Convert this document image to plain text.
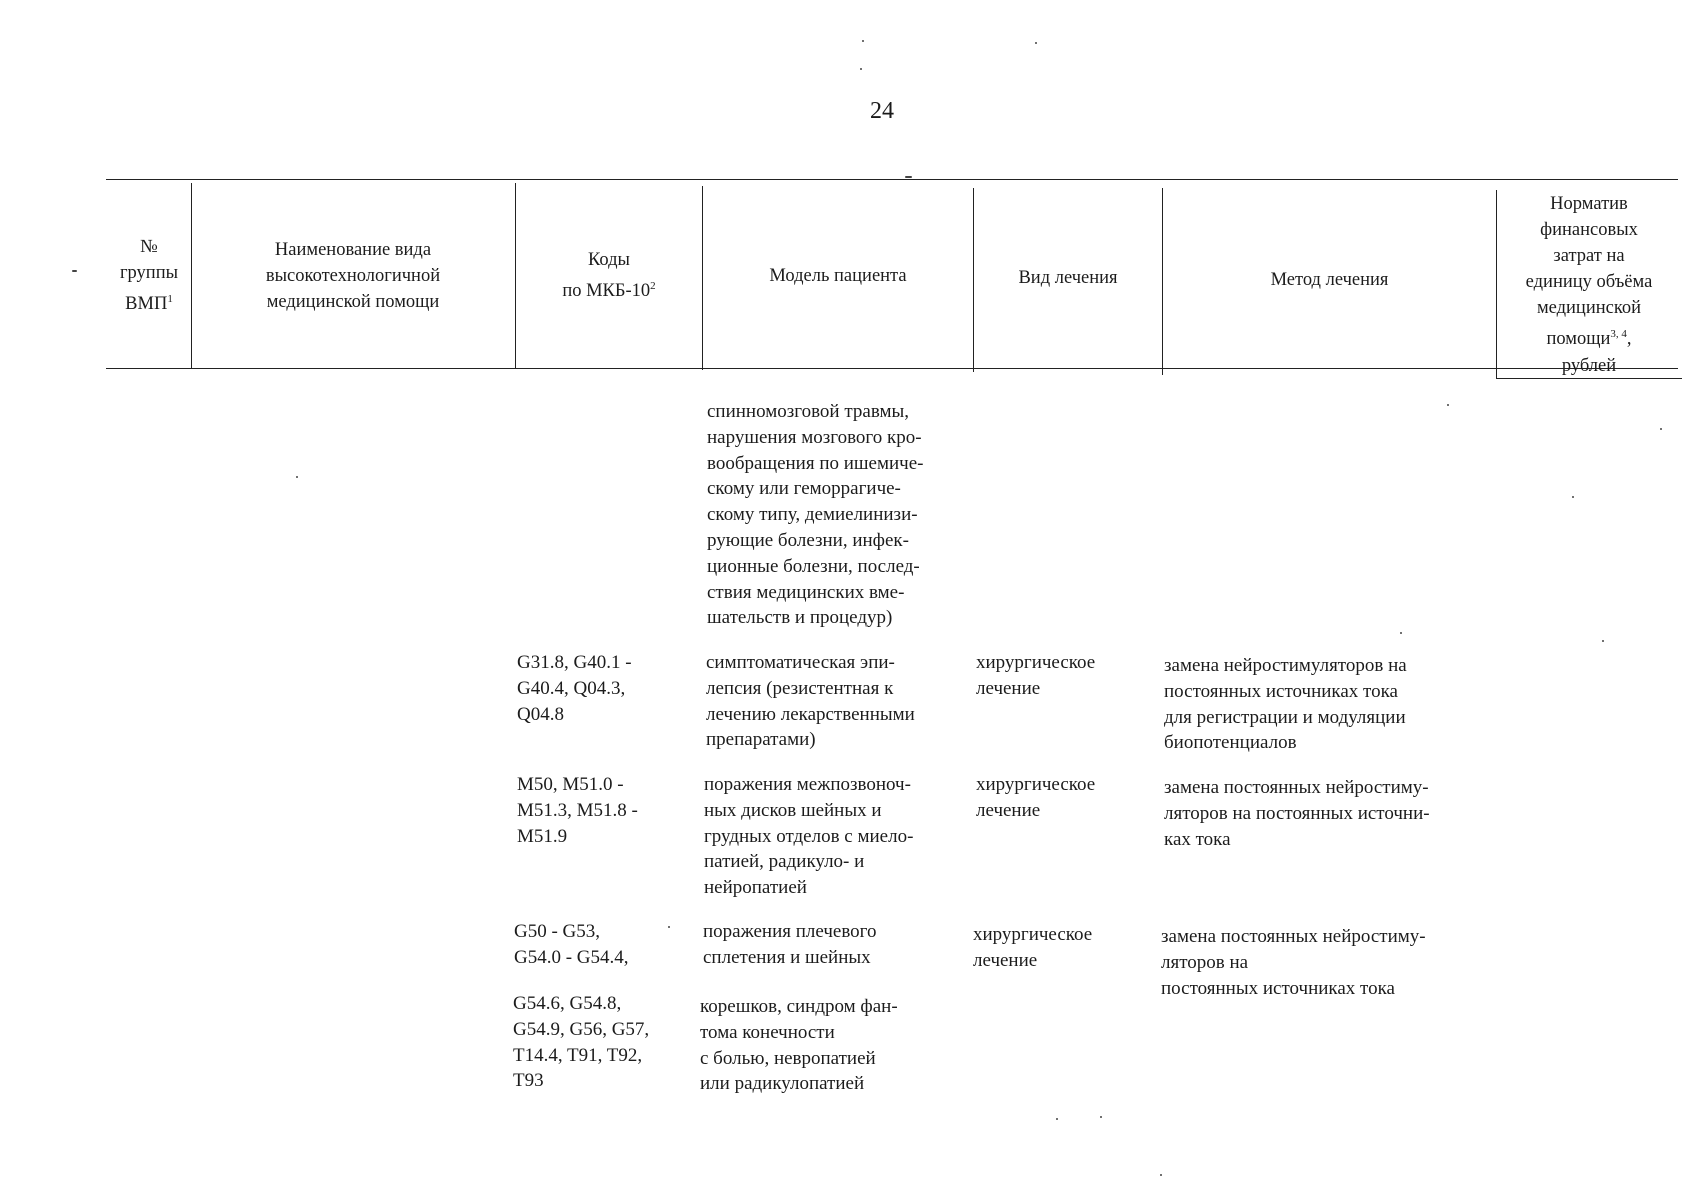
24
№
группы
ВМП$^1$
Наименование вида
высокотехнологичной
медицинской помощи
Коды
по МКБ-$10^2$
Модель пациента	Вид лечения	Метод лечения
Норматив
финансовых
затрат на
единицу объёма
медицинской
помощи$^{3, 4}$,
рублей
спинномозговой травмы,
нарушения мозгового кро-
вообращения по ишемиче-
скому или геморрагиче-
скому типу, демиелинизи-
рующие болезни, инфек-
ционные болезни, послед-
ствия медицинских вме-
шательств и процедур)
G31.8, G40.1 -
G40.4, Q04.3,
Q04.8
симптоматическая эпи-
лепсия (резистентная к
лечению лекарственными
препаратами)
хирургическое
лечение
замена нейростимуляторов на
постоянных источниках тока
для регистрации и модуляции
биопотенциалов
M50, M51.0 -
M51.3, M51.8 -
M51.9
поражения межпозвоноч-
ных дисков шейных и
грудных отделов с миело-
патией, радикуло- и
нейропатией
хирургическое
лечение
замена постоянных нейростиму-
ляторов на постоянных источни-
ках тока
G50 - G53,
G54.0 - G54.4,
поражения плечевого
сплетения и шейных
хирургическое
лечение
замена постоянных нейростиму-
ляторов на
постоянных источниках тока
G54.6, G54.8,
G54.9, G56, G57,
T14.4, T91, T92,
T93
корешков, синдром фан-
тома конечности
с болью, невропатией
или радикулопатией
